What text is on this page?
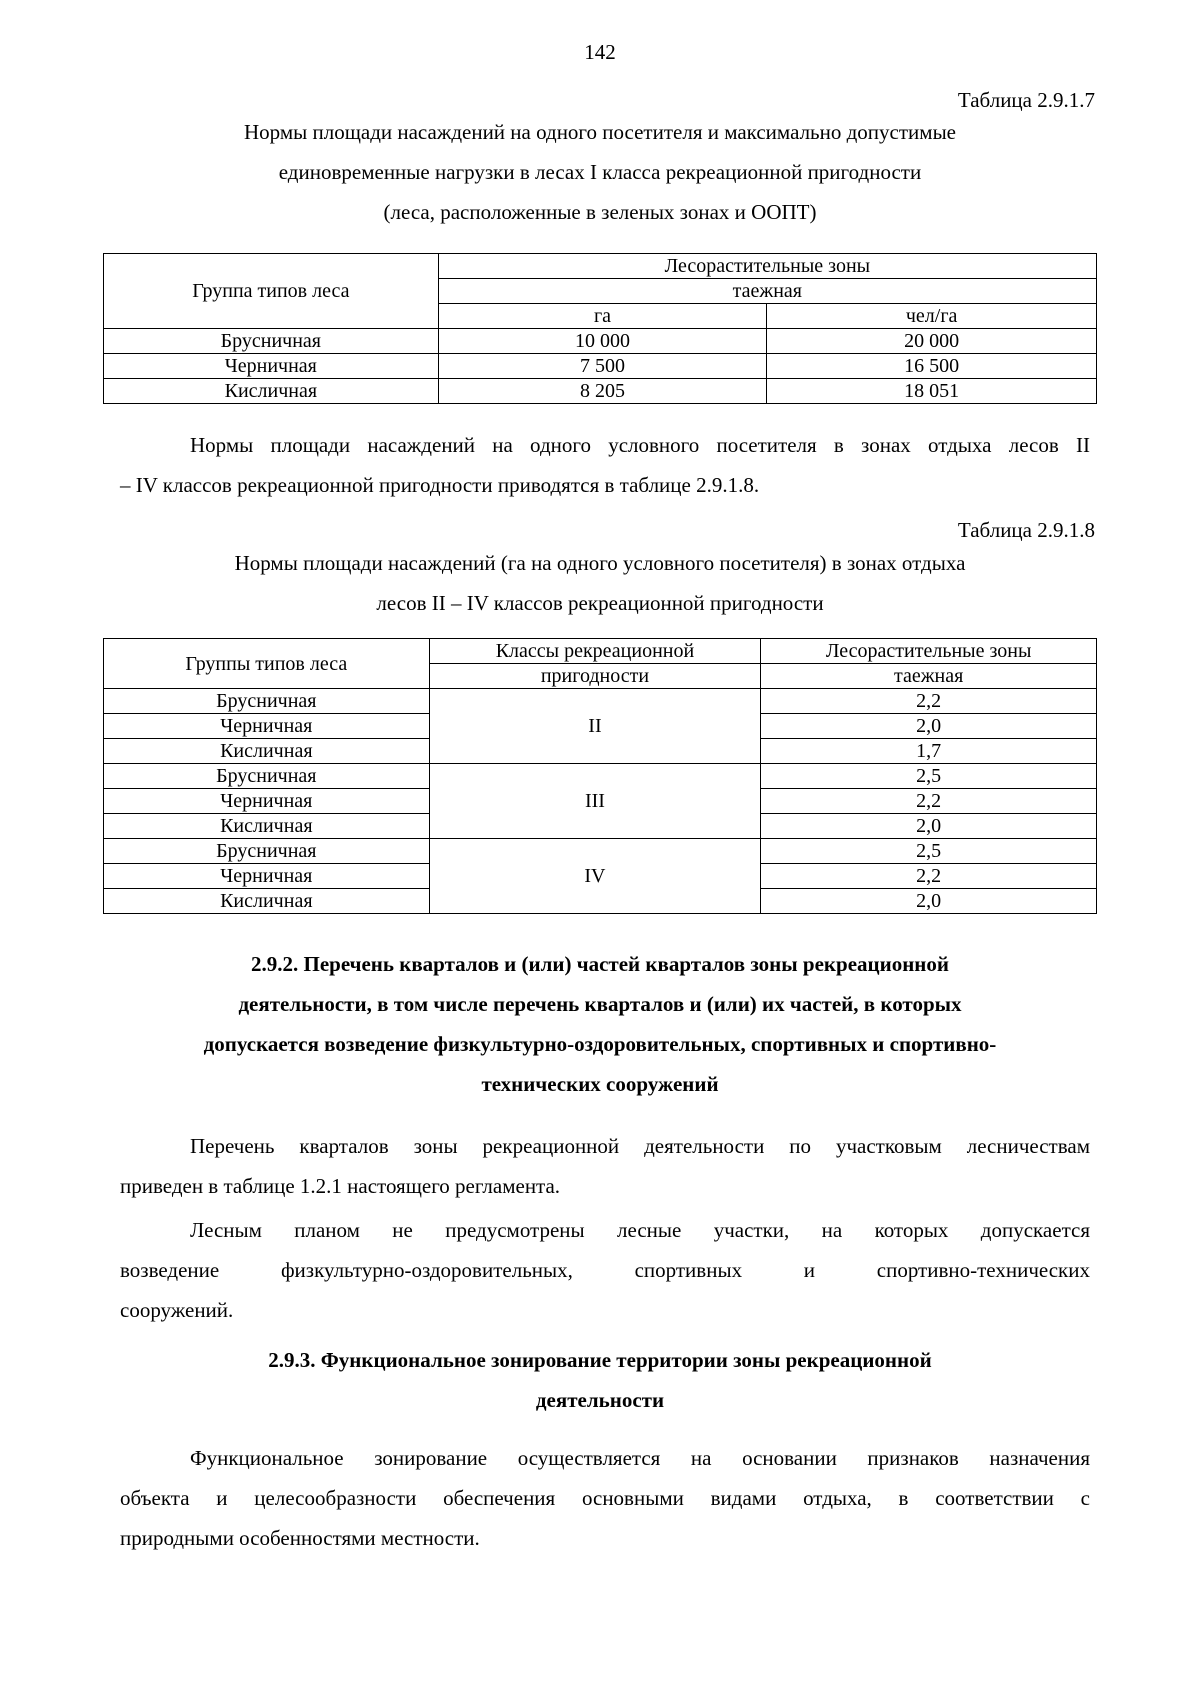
142
Таблица 2.9.1.7
Нормы площади насаждений на одного посетителя и максимально допустимые
единовременные нагрузки в лесах I класса рекреационной пригодности
(леса, расположенные в зеленых зонах и ООПТ)
Группа типов леса	Лесорастительные зоны	
	таежная	
	га	чел/га
Брусничная	10 000	20 000
Черничная	7 500	16 500
Кисличная	8 205	18 051
Нормы площади насаждений на одного условного посетителя в зонах отдыха лесов II
– IV классов рекреационной пригодности приводятся в таблице 2.9.1.8.
Таблица 2.9.1.8
Нормы площади насаждений (га на одного условного посетителя) в зонах отдыха
лесов II – IV классов рекреационной пригодности
Группы типов леса	Классы рекреационной	Лесорастительные зоны
	пригодности	таежная
Брусничная	II	2,2
Черничная		2,0
Кисличная		1,7
Брусничная	III	2,5
Черничная		2,2
Кисличная		2,0
Брусничная	IV	2,5
Черничная		2,2
Кисличная		2,0
2.9.2. Перечень кварталов и (или) частей кварталов зоны рекреационной
деятельности, в том числе перечень кварталов и (или) их частей, в которых
допускается возведение физкультурно-оздоровительных, спортивных и спортивно-
технических сооружений
Перечень кварталов зоны рекреационной деятельности по участковым лесничествам
приведен в таблице 1.2.1 настоящего регламента.
Лесным планом не предусмотрены лесные участки, на которых допускается
возведение физкультурно-оздоровительных, спортивных и спортивно-технических
сооружений.
2.9.3. Функциональное зонирование территории зоны рекреационной
деятельности
Функциональное зонирование осуществляется на основании признаков назначения
объекта и целесообразности обеспечения основными видами отдыха, в соответствии с
природными особенностями местности.
